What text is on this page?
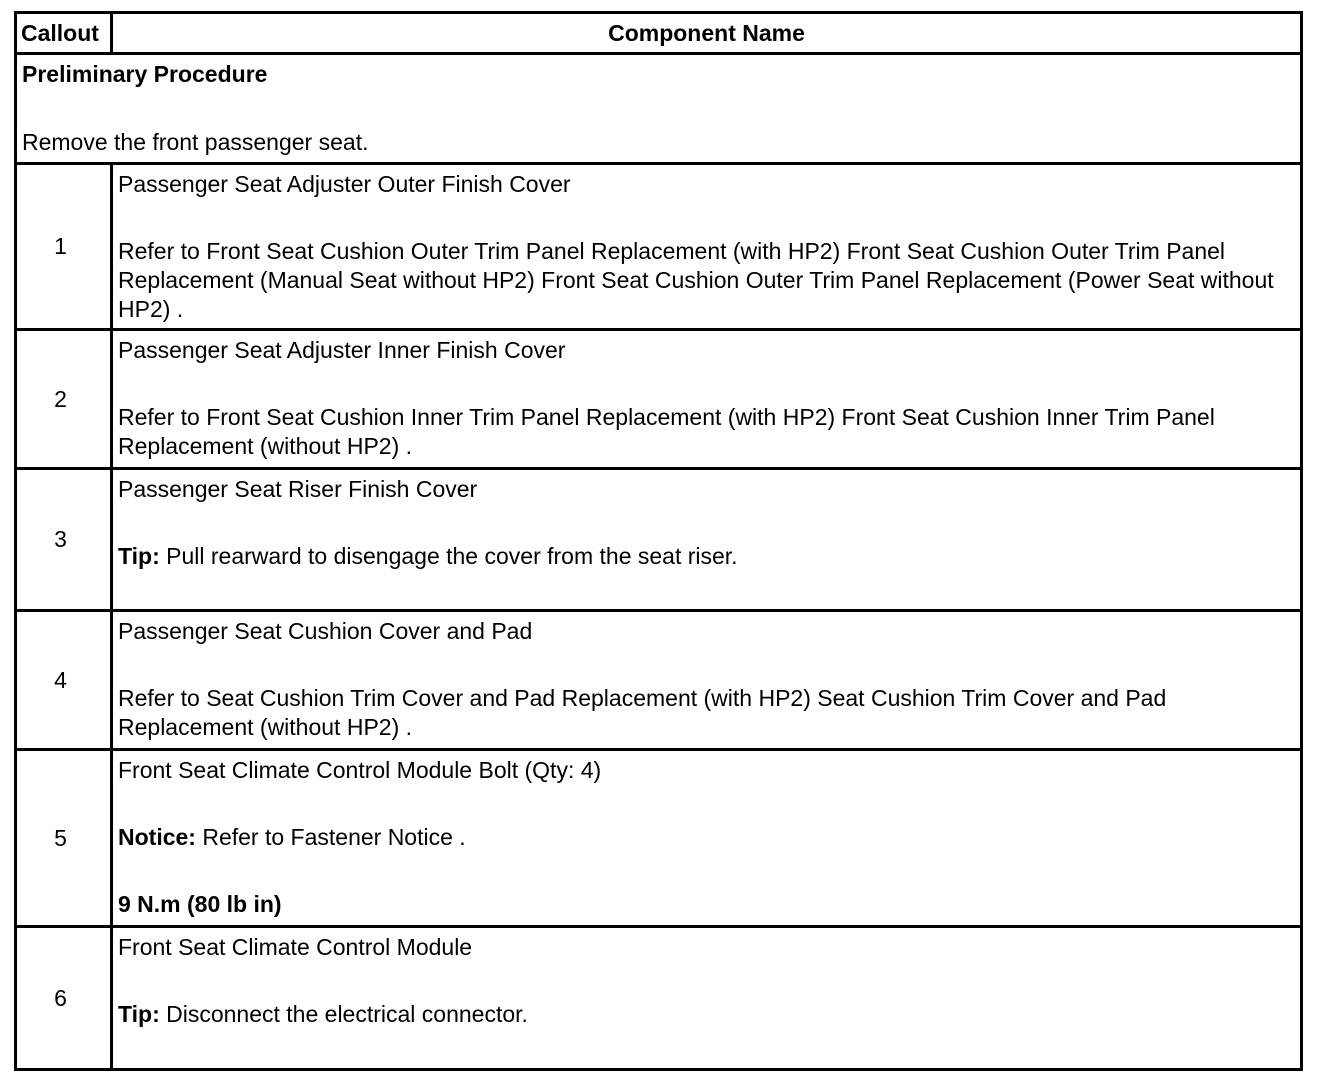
Callout	Component Name

Preliminary Procedure
Remove the front passenger seat.	

1	Passenger Seat Adjuster Outer Finish Cover
Refer to Front Seat Cushion Outer Trim Panel Replacement (with HP2) Front Seat Cushion Outer Trim Panel Replacement (Manual Seat without HP2) Front Seat Cushion Outer Trim Panel Replacement (Power Seat without HP2) .

2	Passenger Seat Adjuster Inner Finish Cover
Refer to Front Seat Cushion Inner Trim Panel Replacement (with HP2) Front Seat Cushion Inner Trim Panel Replacement (without HP2) .

3	Passenger Seat Riser Finish Cover
Tip: Pull rearward to disengage the cover from the seat riser.

4	Passenger Seat Cushion Cover and Pad
Refer to Seat Cushion Trim Cover and Pad Replacement (with HP2) Seat Cushion Trim Cover and Pad Replacement (without HP2) .

5	Front Seat Climate Control Module Bolt (Qty: 4)
Notice: Refer to Fastener Notice .
9 N.m (80 lb in)

6	Front Seat Climate Control Module
Tip: Disconnect the electrical connector.
